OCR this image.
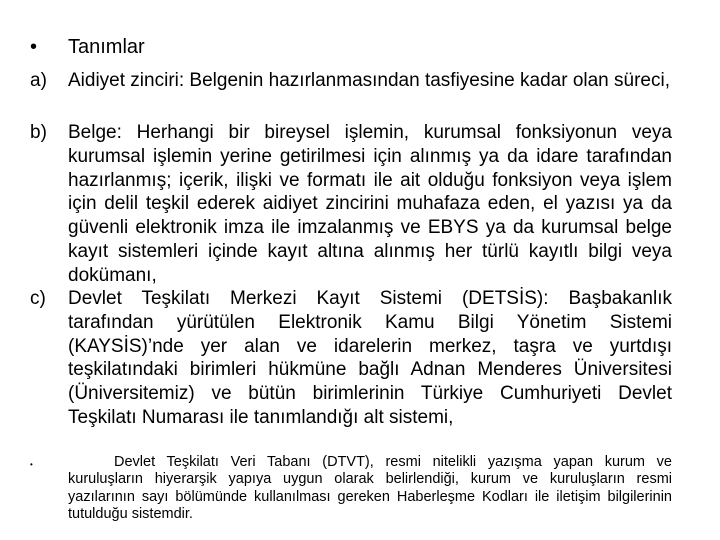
• Tanımlar
a)	Aidiyet zinciri: Belgenin hazırlanmasından tasfiyesine kadar olan süreci,
b)	Belge: Herhangi bir bireysel işlemin, kurumsal fonksiyonun veya kurumsal işlemin yerine getirilmesi için alınmış ya da idare tarafından hazırlanmış; içerik, ilişki ve formatı ile ait olduğu fonksiyon veya işlem için delil teşkil ederek aidiyet zincirini muhafaza eden, el yazısı ya da güvenli elektronik imza ile imzalanmış ve EBYS ya da kurumsal belge kayıt sistemleri içinde kayıt altına alınmış her türlü kayıtlı bilgi veya dokümanı,
c)	Devlet Teşkilatı Merkezi Kayıt Sistemi (DETSİS): Başbakanlık tarafından yürütülen Elektronik Kamu Bilgi Yönetim Sistemi (KAYSİS)’nde yer alan ve idarelerin merkez, taşra ve yurtdışı teşkilatındaki birimleri hükmüne bağlı Adnan Menderes Üniversitesi (Üniversitemiz) ve bütün birimlerinin Türkiye Cumhuriyeti Devlet Teşkilatı Numarası ile tanımlandığı alt sistemi,
•	Devlet Teşkilatı Veri Tabanı (DTVT), resmi nitelikli yazışma yapan kurum ve kuruluşların hiyerarşik yapıya uygun olarak belirlendiği, kurum ve kuruluşların resmi yazılarının sayı bölümünde kullanılması gereken Haberleşme Kodları ile iletişim bilgilerinin tutulduğu sistemdir.
